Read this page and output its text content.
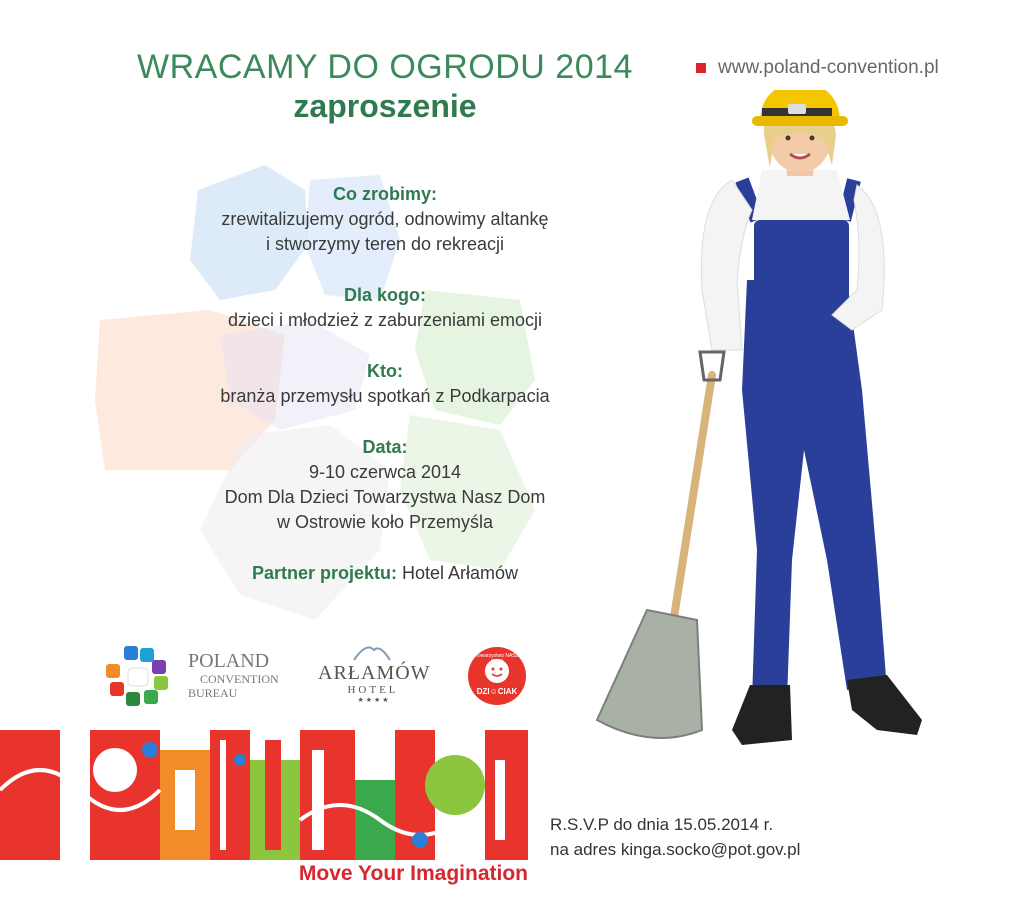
WRACAMY DO OGRODU 2014
zaproszenie
www.poland-convention.pl
Co zrobimy:
zrewitalizujemy ogród, odnowimy altankę
i stworzymy teren do rekreacji
Dla kogo:
dzieci i młodzież z zaburzeniami emocji
Kto:
branża przemysłu spotkań z Podkarpacia
Data:
9-10 czerwca 2014
Dom Dla Dzieci Towarzystwa Nasz Dom
w Ostrowie koło Przemyśla
Partner projektu: Hotel Arłamów
POLAND
CONVENTION
BUREAU
ARŁAMÓW
HOTEL
★ ★ ★ ★
Towarzystwo NASZ DOM
DZI☺CIAK
Move Your Imagination
R.S.V.P do dnia 15.05.2014 r.
na adres kinga.socko@pot.gov.pl
